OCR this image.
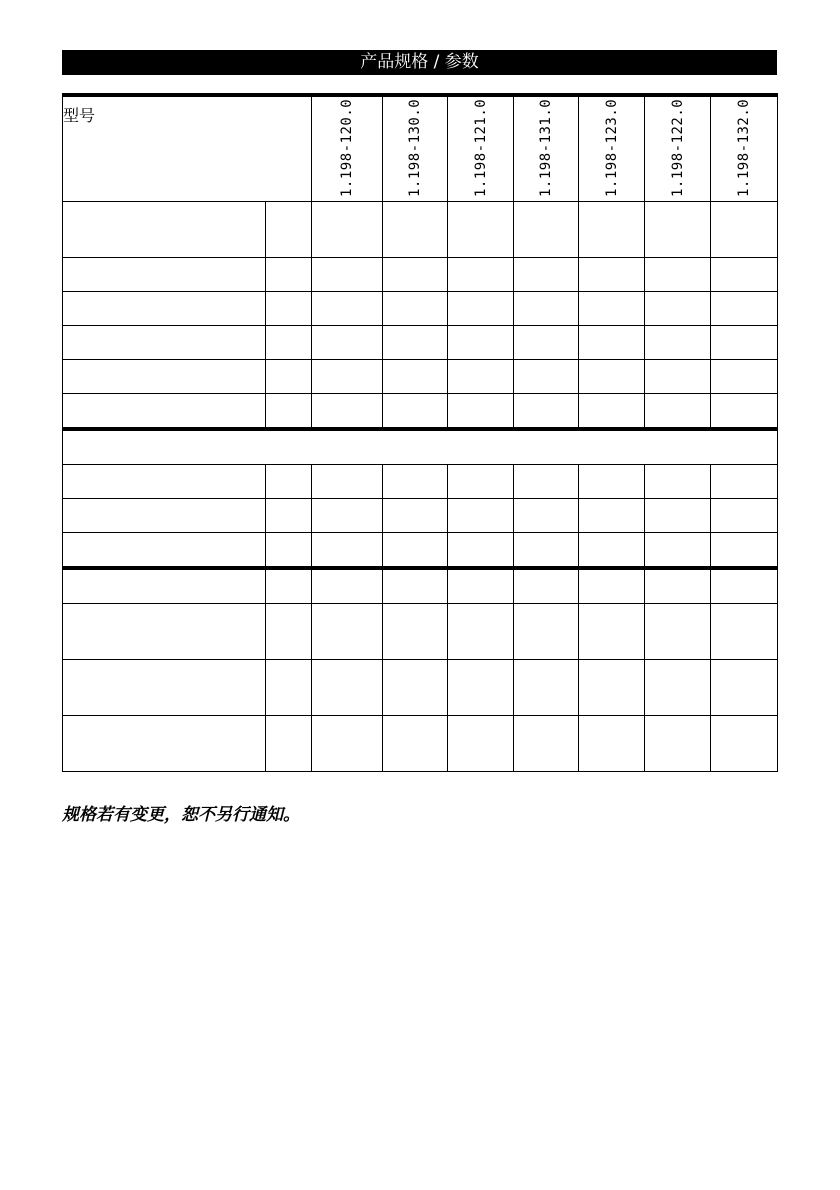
产品规格 / 参数
型号		1.198-120.0	1.198-130.0	1.198-121.0	1.198-131.0	1.198-123.0	1.198-122.0	1.198-132.0

规格若有变更，恕不另行通知。
